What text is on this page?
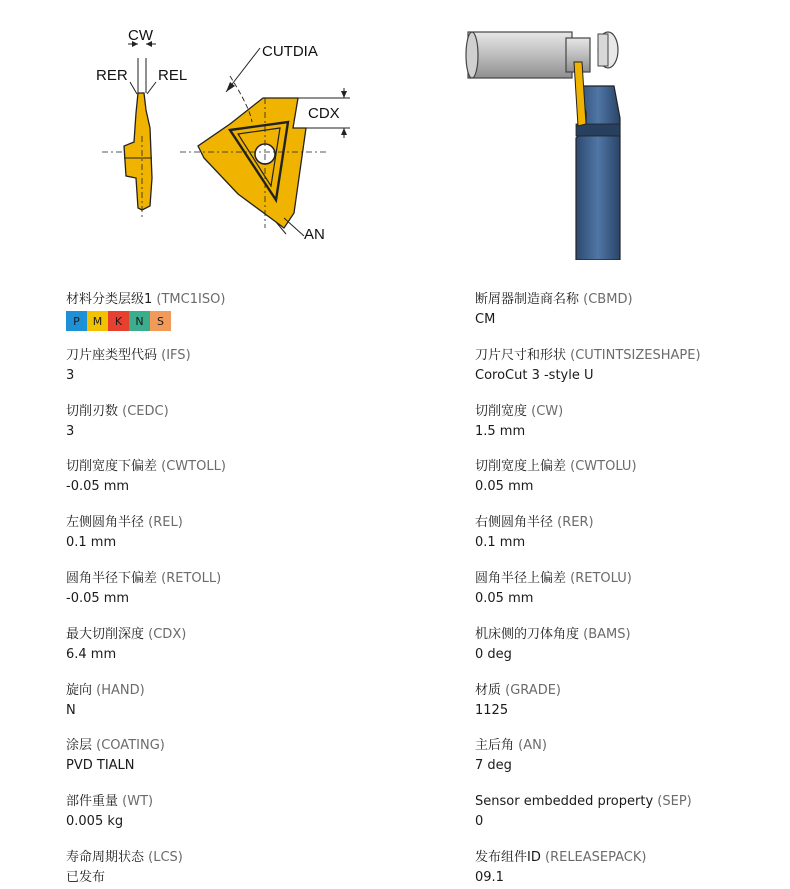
CW
RER REL
CUTDIA
CDX
AN
材料分类层级1 (TMC1ISO)
P	M	K	N	S
刀片座类型代码 (IFS)
3
切削刃数 (CEDC)
3
切削宽度下偏差 (CWTOLL)
-0.05 mm
左侧圆角半径 (REL)
0.1 mm
圆角半径下偏差 (RETOLL)
-0.05 mm
最大切削深度 (CDX)
6.4 mm
旋向 (HAND)
N
涂层 (COATING)
PVD TIALN
部件重量 (WT)
0.005 kg
寿命周期状态 (LCS)
已发布
断屑器制造商名称 (CBMD)
CM
刀片尺寸和形状 (CUTINTSIZESHAPE)
CoroCut 3 -style U
切削宽度 (CW)
1.5 mm
切削宽度上偏差 (CWTOLU)
0.05 mm
右侧圆角半径 (RER)
0.1 mm
圆角半径上偏差 (RETOLU)
0.05 mm
机床侧的刀体角度 (BAMS)
0 deg
材质 (GRADE)
1125
主后角 (AN)
7 deg
Sensor embedded property (SEP)
0
发布组件ID (RELEASEPACK)
09.1
